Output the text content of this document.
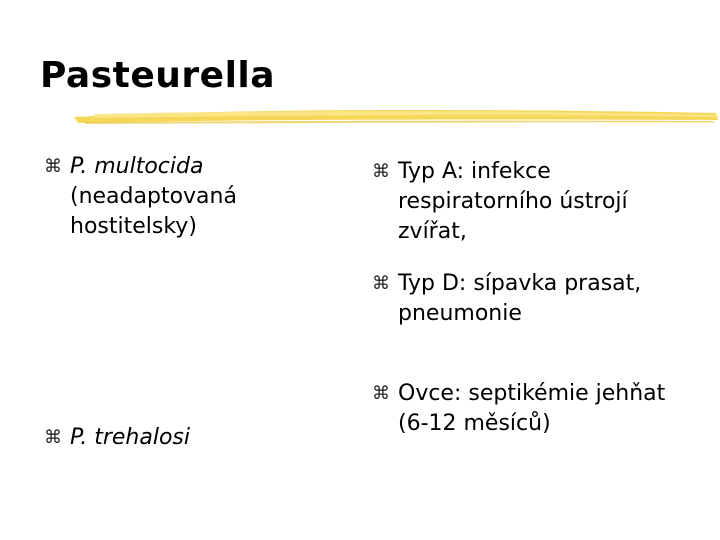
Pasteurella
⌘ P. multocida
(neadaptovaná hostitelsky)
⌘ P. trehalosi
⌘ Typ A: infekce respiratorního ústrojí zvířat,
⌘ Typ D: sípavka prasat, pneumonie
⌘ Ovce: septikémie jehňat (6-12 měsíců)
